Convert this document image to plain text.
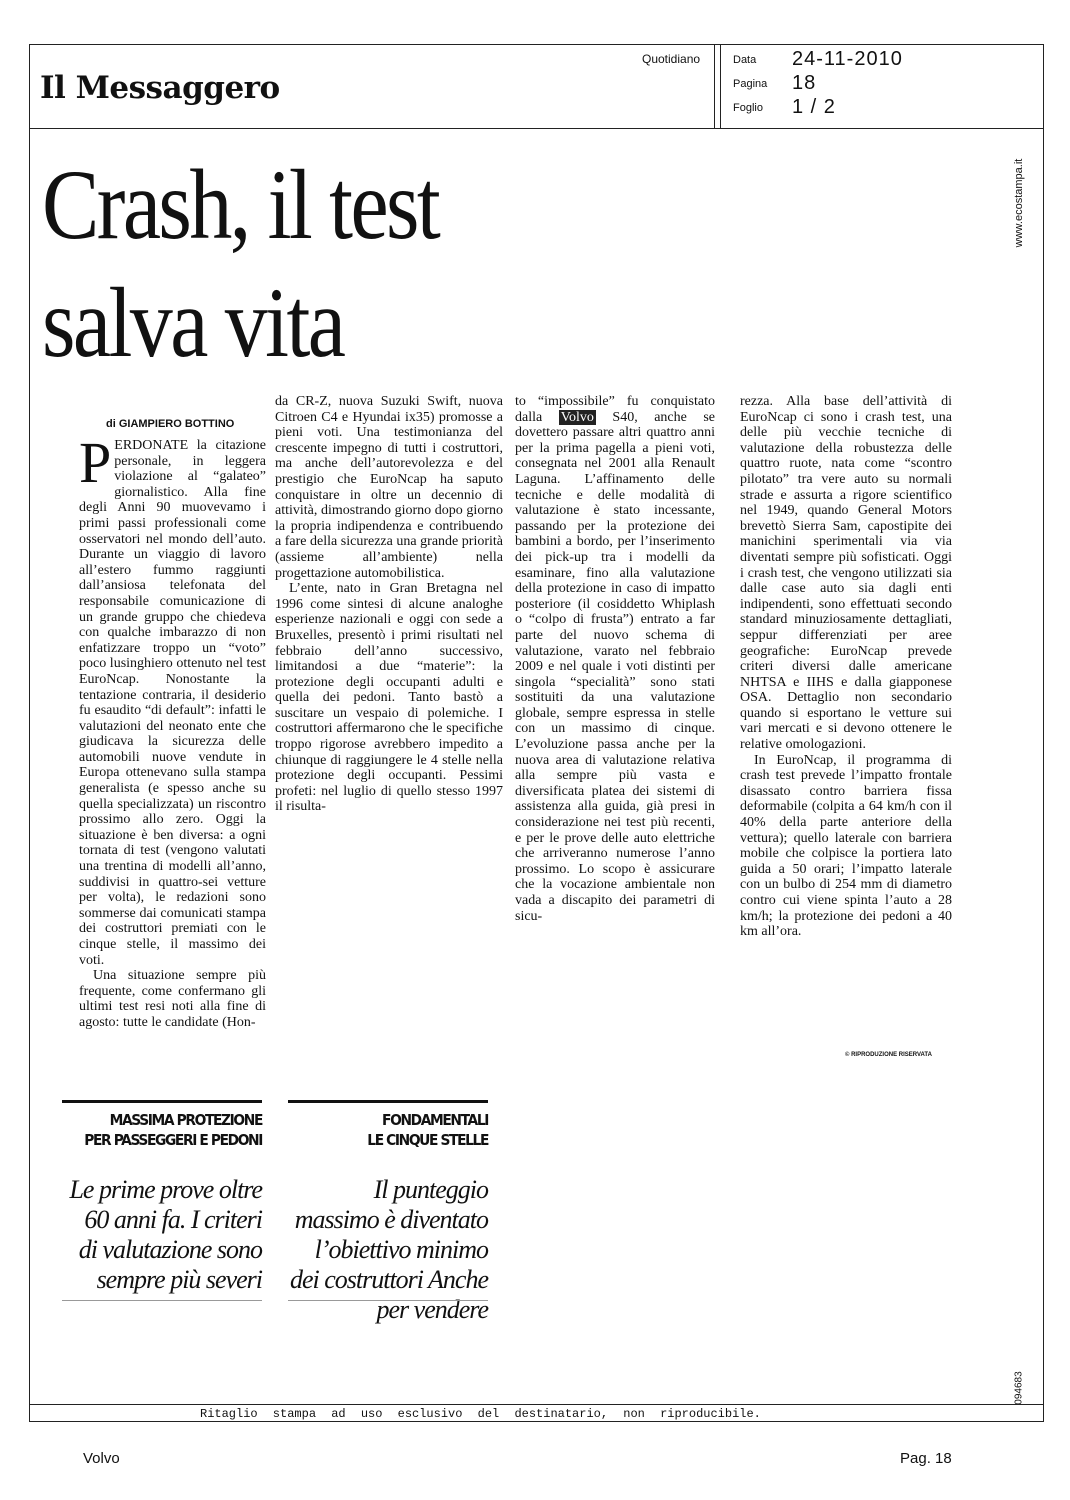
Il Messaggero
Quotidiano	Data 24-11-2010
Pagina 18
Foglio 1 / 2
www.ecostampa.it
094683
Crash, il test
salva vita
di GIAMPIERO BOTTINO

PERDONATE la citazione personale, in leggera violazione al “galateo” giornalistico. Alla fine degli Anni 90 muovevamo i primi passi professionali come osservatori nel mondo dell’auto. Durante un viaggio di lavoro all’estero fummo raggiunti dall’ansiosa telefonata del responsabile comunicazione di un grande gruppo che chiedeva con qualche imbarazzo di non enfatizzare troppo un “voto” poco lusinghiero ottenuto nel test EuroNcap. Nonostante la tentazione contraria, il desiderio fu esaudito “di default”: infatti le valutazioni del neonato ente che giudicava la sicurezza delle automobili nuove vendute in Europa ottenevano sulla stampa generalista (e spesso anche su quella specializzata) un riscontro prossimo allo zero. Oggi la situazione è ben diversa: a ogni tornata di test (vengono valutati una trentina di modelli all’anno, suddivisi in quattro-sei vetture per volta), le redazioni sono sommerse dai comunicati stampa dei costruttori premiati con le cinque stelle, il massimo dei voti.

Una situazione sempre più frequente, come confermano gli ultimi test resi noti alla fine di agosto: tutte le candidate (Hon-

da CR-Z, nuova Suzuki Swift, nuova Citroen C4 e Hyundai ix35) promosse a pieni voti. Una testimonianza del crescente impegno di tutti i costruttori, ma anche dell’autorevolezza e del prestigio che EuroNcap ha saputo conquistare in oltre un decennio di attività, dimostrando giorno dopo giorno la propria indipendenza e contribuendo a fare della sicurezza una grande priorità (assieme all’ambiente) nella progettazione automobilistica.

L’ente, nato in Gran Bretagna nel 1996 come sintesi di alcune analoghe esperienze nazionali e oggi con sede a Bruxelles, presentò i primi risultati nel febbraio dell’anno successivo, limitandosi a due “materie”: la protezione degli occupanti adulti e quella dei pedoni. Tanto bastò a suscitare un vespaio di polemiche. I costruttori affermarono che le specifiche troppo rigorose avrebbero impedito a chiunque di raggiungere le 4 stelle nella protezione degli occupanti. Pessimi profeti: nel luglio di quello stesso 1997 il risulta-

to “impossibile” fu conquistato dalla Volvo S40, anche se dovettero passare altri quattro anni per la prima pagella a pieni voti, consegnata nel 2001 alla Renault Laguna. L’affinamento delle tecniche e delle modalità di valutazione è stato incessante, passando per la protezione dei bambini a bordo, per l’inserimento dei pick-up tra i modelli da esaminare, fino alla valutazione della protezione in caso di impatto posteriore (il cosiddetto Whiplash o “colpo di frusta”) entrato a far parte del nuovo schema di valutazione, varato nel febbraio 2009 e nel quale i voti distinti per singola “specialità” sono stati sostituiti da una valutazione globale, sempre espressa in stelle con un massimo di cinque. L’evoluzione passa anche per la nuova area di valutazione relativa alla sempre più vasta e diversificata platea dei sistemi di assistenza alla guida, già presi in considerazione nei test più recenti, e per le prove delle auto elettriche che arriveranno numerose l’anno prossimo. Lo scopo è assicurare che la vocazione ambientale non vada a discapito dei parametri di sicu-

rezza. Alla base dell’attività di EuroNcap ci sono i crash test, una delle più vecchie tecniche di valutazione della robustezza delle quattro ruote, nata come “scontro pilotato” tra vere auto su normali strade e assurta a rigore scientifico nel 1949, quando General Motors brevettò Sierra Sam, capostipite dei manichini sperimentali via via diventati sempre più sofisticati. Oggi i crash test, che vengono utilizzati sia dalle case auto sia dagli enti indipendenti, sono effettuati secondo standard minuziosamente dettagliati, seppur differenziati per aree geografiche: EuroNcap prevede criteri diversi dalle americane NHTSA e IIHS e dalla giapponese OSA. Dettaglio non secondario quando si esportano le vetture sui vari mercati e si devono ottenere le relative omologazioni.

In EuroNcap, il programma di crash test prevede l’impatto frontale disassato contro barriera fissa deformabile (colpita a 64 km/h con il 40% della parte anteriore della vettura); quello laterale con barriera mobile che colpisce la portiera lato guida a 50 orari; l’impatto laterale con un bulbo di 254 mm di diametro contro cui viene spinta l’auto a 28 km/h; la protezione dei pedoni a 40 km all’ora.

© RIPRODUZIONE RISERVATA
MASSIMA PROTEZIONE
PER PASSEGGERI E PEDONI
Le prime prove oltre 60 anni fa. I criteri di valutazione sono sempre più severi
FONDAMENTALI
LE CINQUE STELLE
Il punteggio massimo è diventato l’obiettivo minimo dei costruttori Anche per vendere
Ritaglio stampa ad uso esclusivo del destinatario, non riproducibile.
Volvo	Pag. 18
